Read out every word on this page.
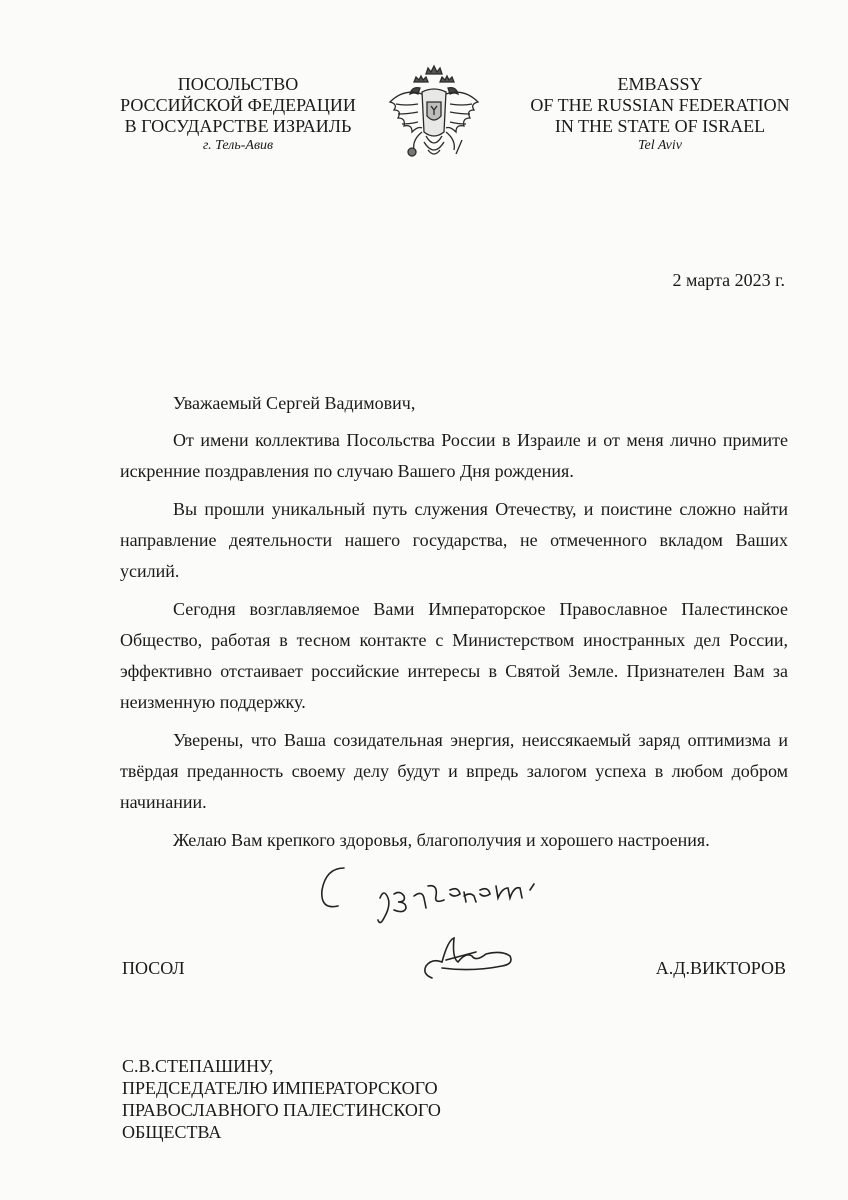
ПОСОЛЬСТВО
РОССИЙСКОЙ ФЕДЕРАЦИИ
В ГОСУДАРСТВЕ ИЗРАИЛЬ
г. Тель-Авив
EMBASSY
OF THE RUSSIAN FEDERATION
IN THE STATE OF ISRAEL
Tel Aviv
2 марта 2023 г.

Уважаемый Сергей Вадимович,

От имени коллектива Посольства России в Израиле и от меня лично примите искренние поздравления по случаю Вашего Дня рождения.

Вы прошли уникальный путь служения Отечеству, и поистине сложно найти направление деятельности нашего государства, не отмеченного вкладом Ваших усилий.

Сегодня возглавляемое Вами Императорское Православное Палестинское Общество, работая в тесном контакте с Министерством иностранных дел России, эффективно отстаивает российские интересы в Святой Земле. Признателен Вам за неизменную поддержку.

Уверены, что Ваша созидательная энергия, неиссякаемый заряд оптимизма и твёрдая преданность своему делу будут и впредь залогом успеха в любом добром начинании.

Желаю Вам крепкого здоровья, благополучия и хорошего настроения.

ПОСОЛ	А.Д.ВИКТОРОВ
С.В.СТЕПАШИНУ,
ПРЕДСЕДАТЕЛЮ ИМПЕРАТОРСКОГО
ПРАВОСЛАВНОГО ПАЛЕСТИНСКОГО
ОБЩЕСТВА
